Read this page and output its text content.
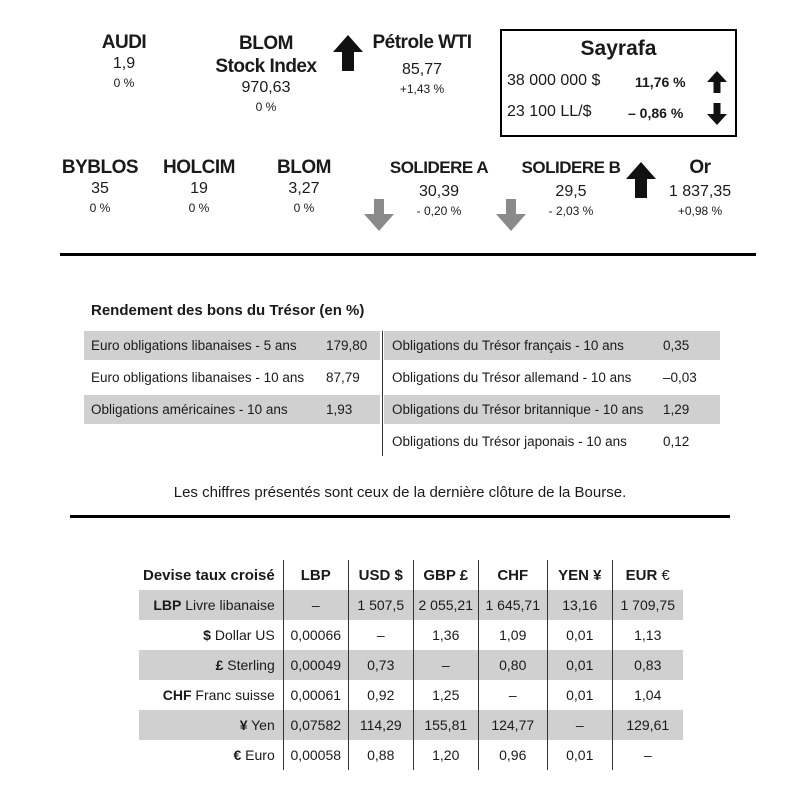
AUDI
1,9
0 %
BLOM Stock Index
970,63
0 %
Pétrole WTI
85,77
+1,43 %
Sayrafa
38 000 000 $ 11,76 %
23 100 LL/$	– 0,86 %
BYBLOS
35
0 %
HOLCIM
19
0 %
BLOM
3,27
0 %
SOLIDERE A
30,39
- 0,20 %
SOLIDERE B
29,5
- 2,03 %
Or
1 837,35
+0,98 %
Rendement des bons du Trésor (en %)
Euro obligations libanaises - 5 ans 179,80
Euro obligations libanaises - 10 ans 87,79
Obligations américaines - 10 ans	1,93
Obligations du Trésor français - 10 ans	0,35
Obligations du Trésor allemand - 10 ans –0,03
Obligations du Trésor britannique - 10 ans 1,29
Obligations du Trésor japonais - 10 ans	0,12
Les chiffres présentés sont ceux de la dernière clôture de la Bourse.
Devise taux croisé	LBP	USD $	GBP £	CHF	YEN ¥	EUR €
LBP Livre libanaise	–	1 507,5	2 055,21	1 645,71	13,16	1 709,75
$ Dollar US	0,00066	–	1,36	1,09	0,01	1,13
£ Sterling	0,00049	0,73	–	0,80	0,01	0,83
CHF Franc suisse	0,00061	0,92	1,25	–	0,01	1,04
¥ Yen	0,07582	114,29	155,81	124,77	–	129,61
€ Euro	0,00058	0,88	1,20	0,96	0,01	–
